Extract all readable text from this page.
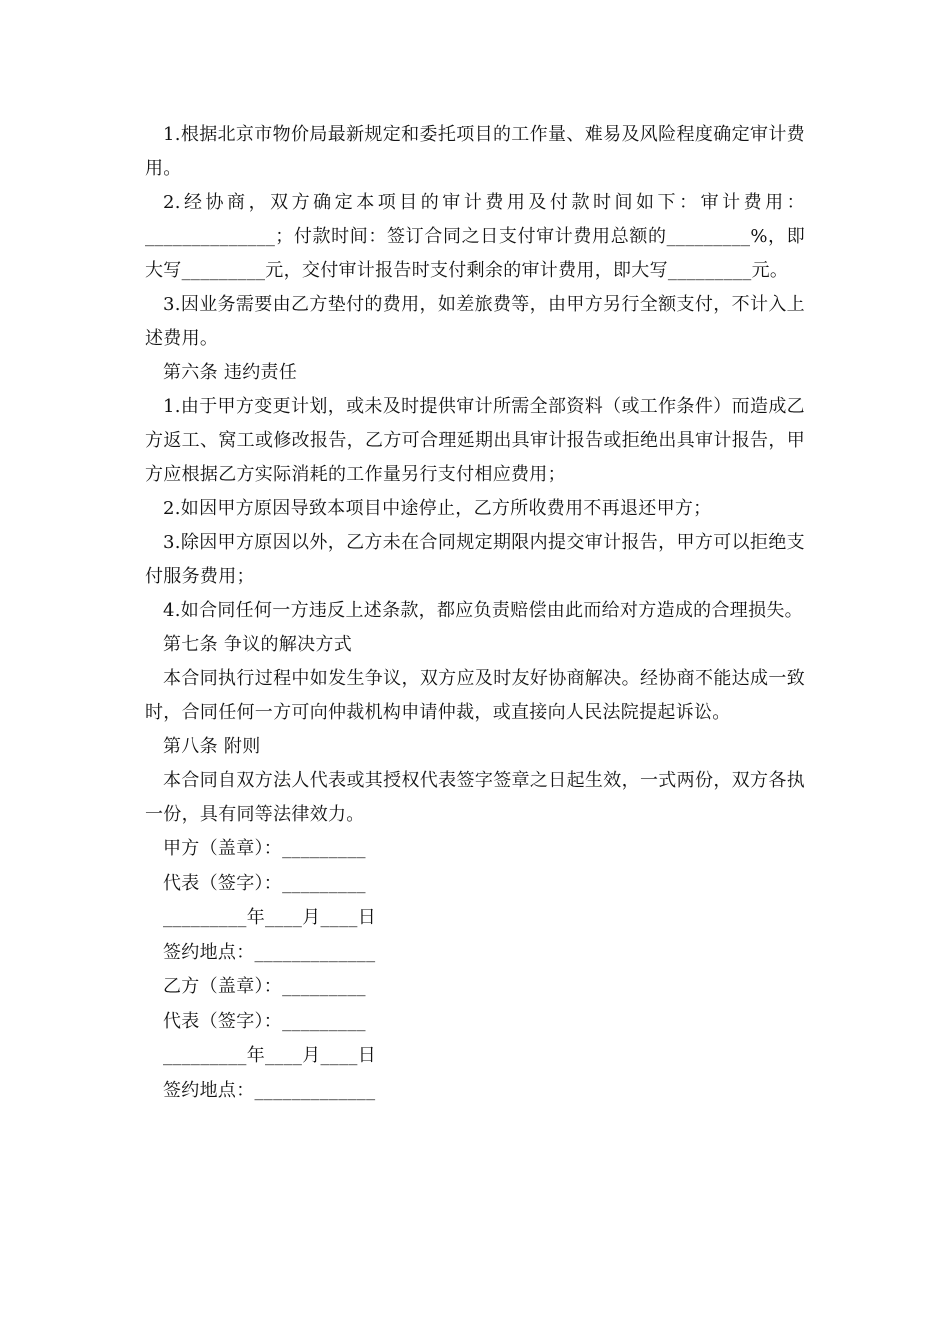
1.根据北京市物价局最新规定和委托项目的工作量、难易及风险程度确定审计费用。

2.经协商，双方确定本项目的审计费用及付款时间如下：审计费用：______________；付款时间：签订合同之日支付审计费用总额的_________%，即大写_________元，交付审计报告时支付剩余的审计费用，即大写_________元。

3.因业务需要由乙方垫付的费用，如差旅费等，由甲方另行全额支付，不计入上述费用。

第六条 违约责任

1.由于甲方变更计划，或未及时提供审计所需全部资料（或工作条件）而造成乙方返工、窝工或修改报告，乙方可合理延期出具审计报告或拒绝出具审计报告，甲方应根据乙方实际消耗的工作量另行支付相应费用；

2.如因甲方原因导致本项目中途停止，乙方所收费用不再退还甲方；

3.除因甲方原因以外，乙方未在合同规定期限内提交审计报告，甲方可以拒绝支付服务费用；

4.如合同任何一方违反上述条款，都应负责赔偿由此而给对方造成的合理损失。

第七条 争议的解决方式

本合同执行过程中如发生争议，双方应及时友好协商解决。经协商不能达成一致时，合同任何一方可向仲裁机构申请仲裁，或直接向人民法院提起诉讼。

第八条 附则

本合同自双方法人代表或其授权代表签字签章之日起生效，一式两份，双方各执一份，具有同等法律效力。

甲方（盖章）：_________

代表（签字）：_________

_________年____月____日

签约地点：_____________

乙方（盖章）：_________

代表（签字）：_________

_________年____月____日

签约地点：_____________
